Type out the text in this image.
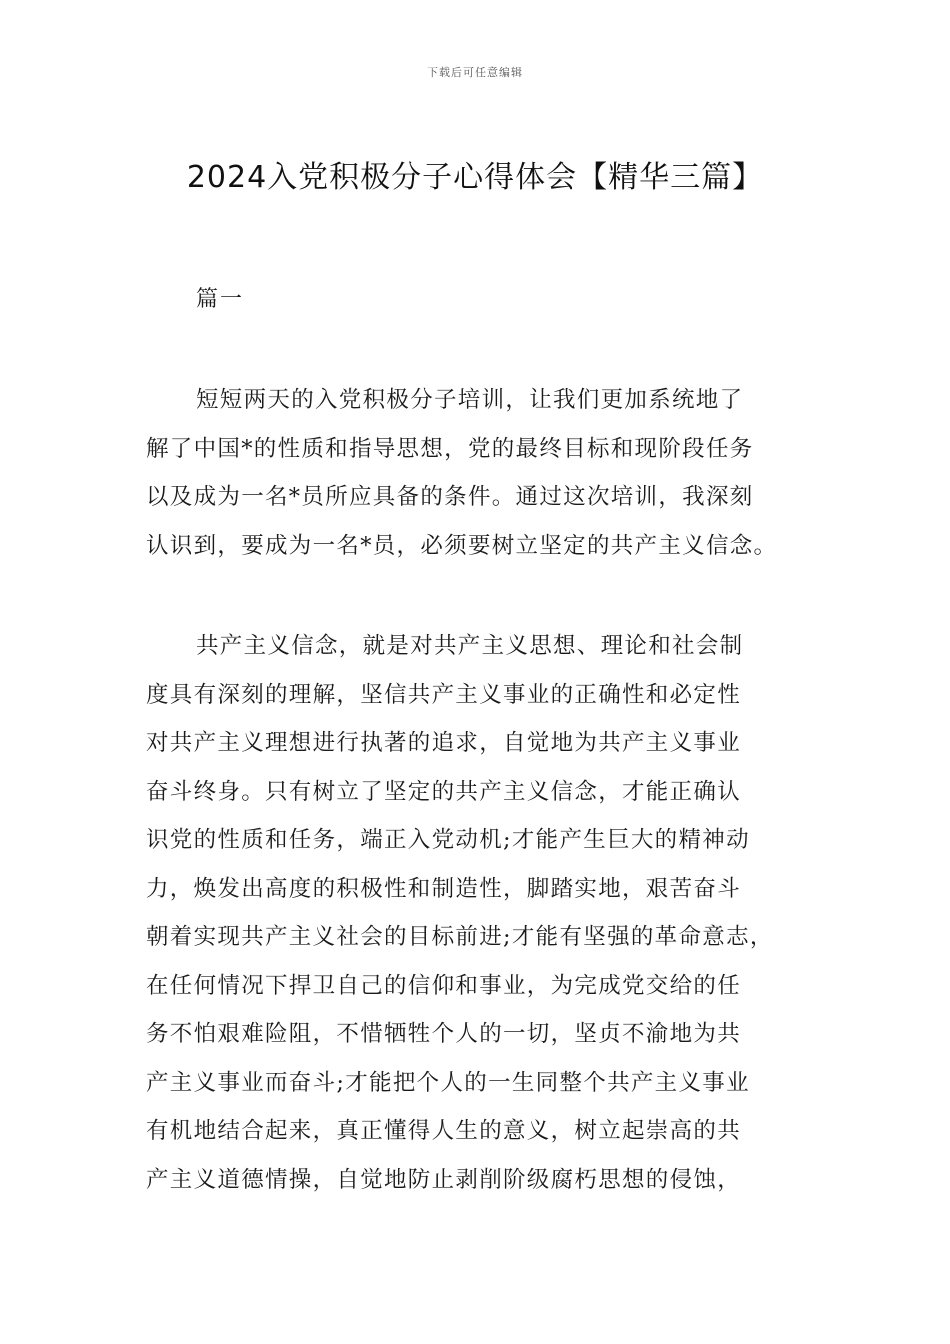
下载后可任意编辑
2024入党积极分子心得体会【精华三篇】
篇一
短短两天的入党积极分子培训，让我们更加系统地了
解了中国*的性质和指导思想，党的最终目标和现阶段任务
以及成为一名*员所应具备的条件。通过这次培训，我深刻
认识到，要成为一名*员，必须要树立坚定的共产主义信念。
共产主义信念，就是对共产主义思想、理论和社会制
度具有深刻的理解，坚信共产主义事业的正确性和必定性
对共产主义理想进行执著的追求，自觉地为共产主义事业
奋斗终身。只有树立了坚定的共产主义信念，才能正确认
识党的性质和任务，端正入党动机;才能产生巨大的精神动
力，焕发出高度的积极性和制造性，脚踏实地，艰苦奋斗
朝着实现共产主义社会的目标前进;才能有坚强的革命意志，
在任何情况下捍卫自己的信仰和事业，为完成党交给的任
务不怕艰难险阻，不惜牺牲个人的一切，坚贞不渝地为共
产主义事业而奋斗;才能把个人的一生同整个共产主义事业
有机地结合起来，真正懂得人生的意义，树立起崇高的共
产主义道德情操，自觉地防止剥削阶级腐朽思想的侵蚀，
